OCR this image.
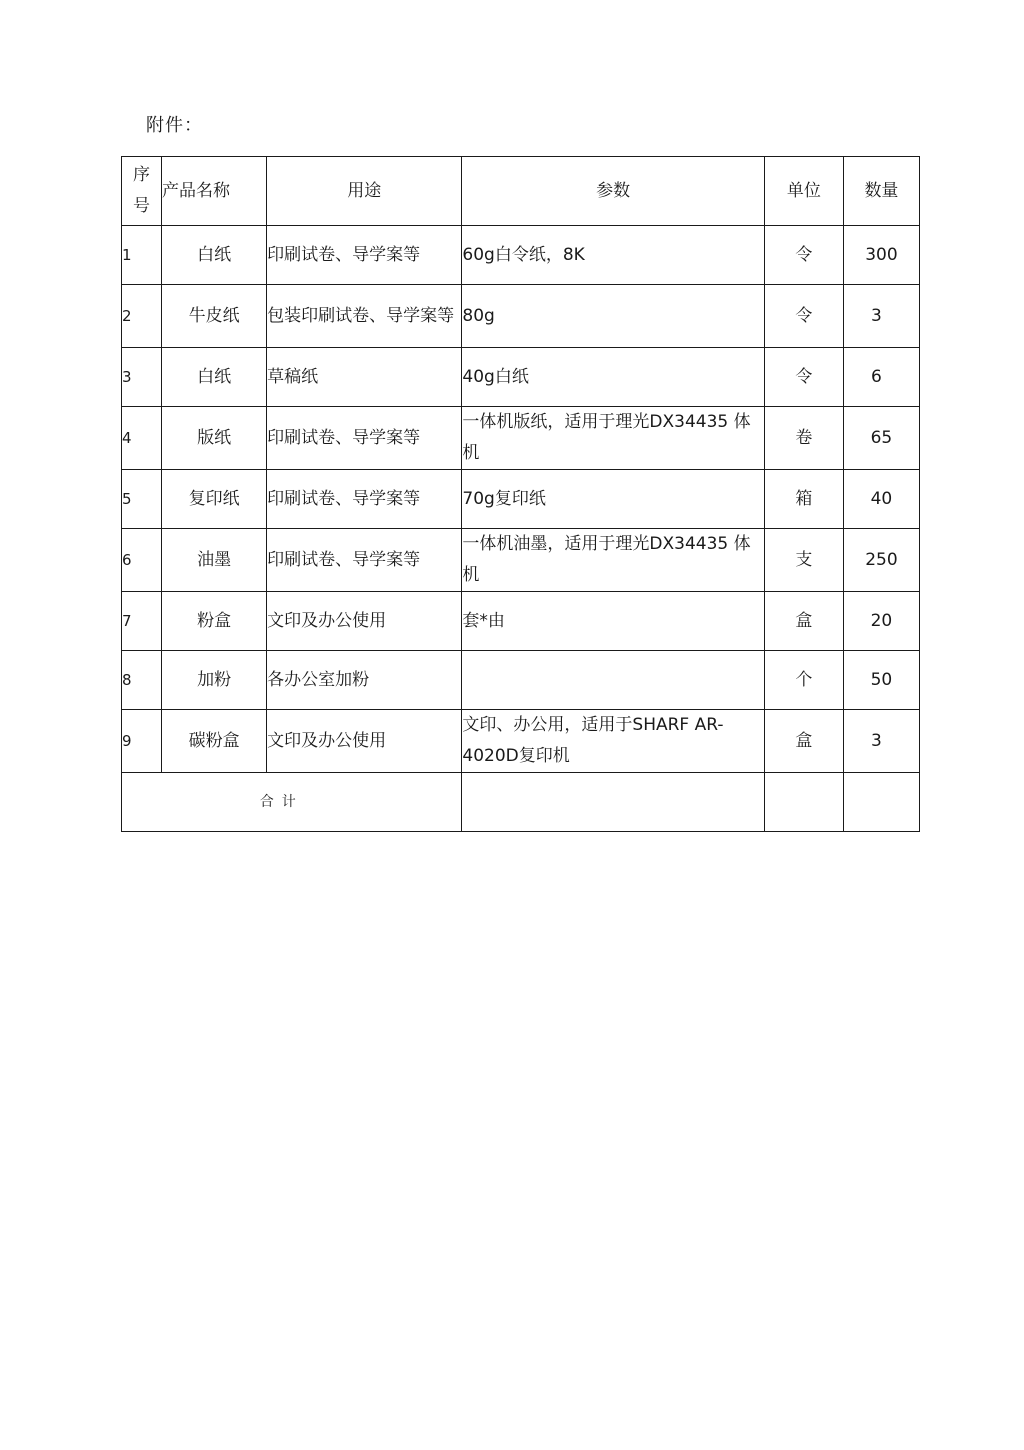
附件：
序号	产品名称	用途	参数	单位	数量
1	白纸	印刷试卷、导学案等	60g白令纸，8K	令	300
2	牛皮纸	包装印刷试卷、导学案等	80g	令	3
3	白纸	草稿纸	40g白纸	令	6
4	版纸	印刷试卷、导学案等	一体机版纸，适用于理光DX34435 体机	卷	65
5	复印纸	印刷试卷、导学案等	70g复印纸	箱	40
6	油墨	印刷试卷、导学案等	一体机油墨，适用于理光DX34435 体机	支	250
7	粉盒	文印及办公使用	套*由	盒	20
8	加粉	各办公室加粉		个	50
9	碳粉盒	文印及办公使用	文印、办公用，适用于SHARF AR-4020D复印机	盒	3
合计					
